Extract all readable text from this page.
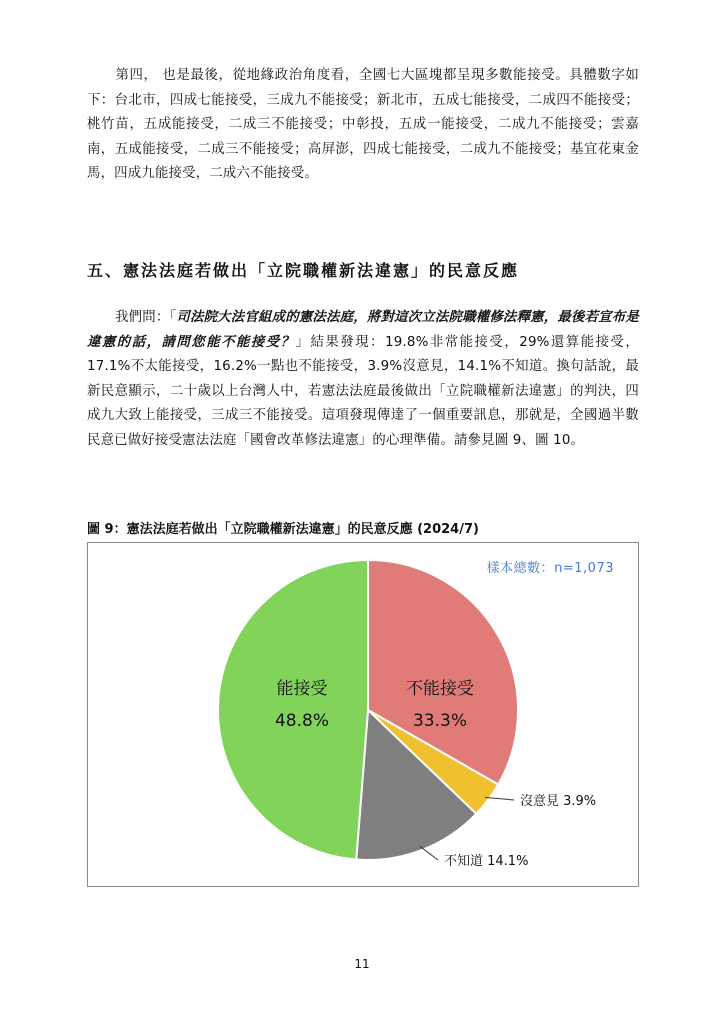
第四， 也是最後，從地緣政治角度看，全國七大區塊都呈現多數能接受。具體數字如下：台北市，四成七能接受，三成九不能接受；新北市，五成七能接受，二成四不能接受；桃竹苗，五成能接受，二成三不能接受；中彰投，五成一能接受，二成九不能接受；雲嘉南，五成能接受，二成三不能接受；高屏澎，四成七能接受，二成九不能接受；基宜花東金馬，四成九能接受，二成六不能接受。
五、憲法法庭若做出「立院職權新法違憲」的民意反應
我們問：「司法院大法官組成的憲法法庭，將對這次立法院職權修法釋憲，最後若宣布是違憲的話，請問您能不能接受？」結果發現：19.8%非常能接受，29%還算能接受，17.1%不太能接受，16.2%一點也不能接受，3.9%沒意見，14.1%不知道。換句話說，最新民意顯示，二十歲以上台灣人中，若憲法法庭最後做出「立院職權新法違憲」的判決，四成九大致上能接受，三成三不能接受。這項發現傳達了一個重要訊息，那就是，全國過半數民意已做好接受憲法法庭「國會改革修法違憲」的心理準備。請參見圖 9、圖 10。
圖 9：憲法法庭若做出「立院職權新法違憲」的民意反應 (2024/7)
樣本總數：n=1,073
不能接受
33.3%
沒意見 3.9%
不知道 14.1%
能接受
48.8%
11
